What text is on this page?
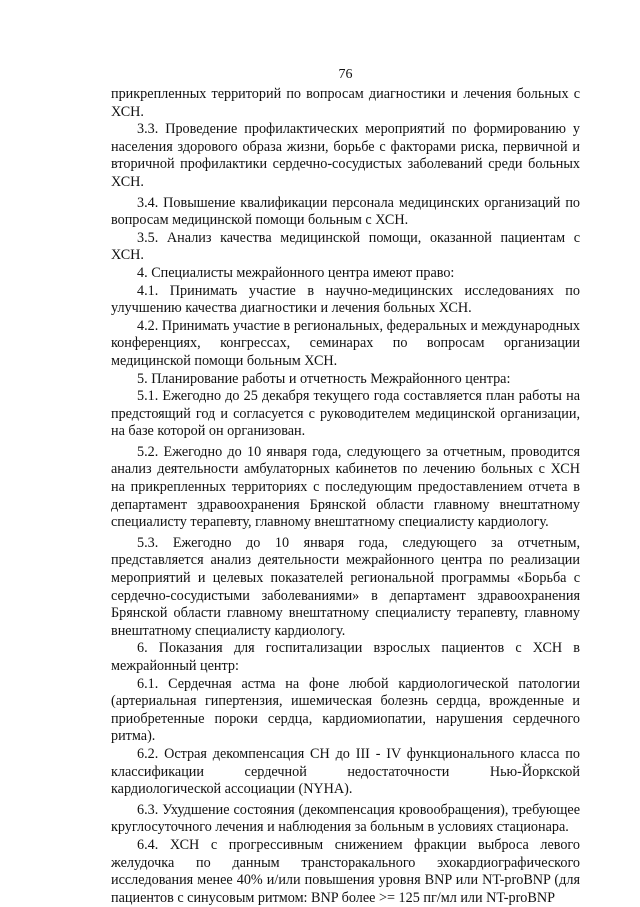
76

прикрепленных территорий по вопросам диагностики и лечения больных с ХСН.

3.3. Проведение профилактических мероприятий по формированию у населения здорового образа жизни, борьбе с факторами риска, первичной и вторичной профилактики сердечно-сосудистых заболеваний среди больных ХСН.

3.4. Повышение квалификации персонала медицинских организаций по вопросам медицинской помощи больным с ХСН.

3.5. Анализ качества медицинской помощи, оказанной пациентам с ХСН.

4. Специалисты межрайонного центра имеют право:

4.1. Принимать участие в научно-медицинских исследованиях по улучшению качества диагностики и лечения больных ХСН.

4.2. Принимать участие в региональных, федеральных и международных конференциях, конгрессах, семинарах по вопросам организации медицинской помощи больным ХСН.

5. Планирование работы и отчетность Межрайонного центра:

5.1. Ежегодно до 25 декабря текущего года составляется план работы на предстоящий год и согласуется с руководителем медицинской организации, на базе которой он организован.

5.2. Ежегодно до 10 января года, следующего за отчетным, проводится анализ деятельности амбулаторных кабинетов по лечению больных с ХСН на прикрепленных территориях с последующим предоставлением отчета в департамент здравоохранения Брянской области главному внештатному специалисту терапевту, главному внештатному специалисту кардиологу.

5.3. Ежегодно до 10 января года, следующего за отчетным, представляется анализ деятельности межрайонного центра по реализации мероприятий и целевых показателей региональной программы «Борьба с сердечно-сосудистыми заболеваниями» в департамент здравоохранения Брянской области главному внештатному специалисту терапевту, главному внештатному специалисту кардиологу.

6. Показания для госпитализации взрослых пациентов с ХСН в межрайонный центр:

6.1. Сердечная астма на фоне любой кардиологической патологии (артериальная гипертензия, ишемическая болезнь сердца, врожденные и приобретенные пороки сердца, кардиомиопатии, нарушения сердечного ритма).

6.2. Острая декомпенсация СН до III - IV функционального класса по классификации сердечной недостаточности Нью-Йоркской кардиологической ассоциации (NYHA).

6.3. Ухудшение состояния (декомпенсация кровообращения), требующее круглосуточного лечения и наблюдения за больным в условиях стационара.

6.4. ХСН с прогрессивным снижением фракции выброса левого желудочка по данным трансторакального эхокардиографического исследования менее 40% и/или повышения уровня BNP или NT-proBNP (для пациентов с синусовым ритмом: BNP более >= 125 пг/мл или NT-proBNP
